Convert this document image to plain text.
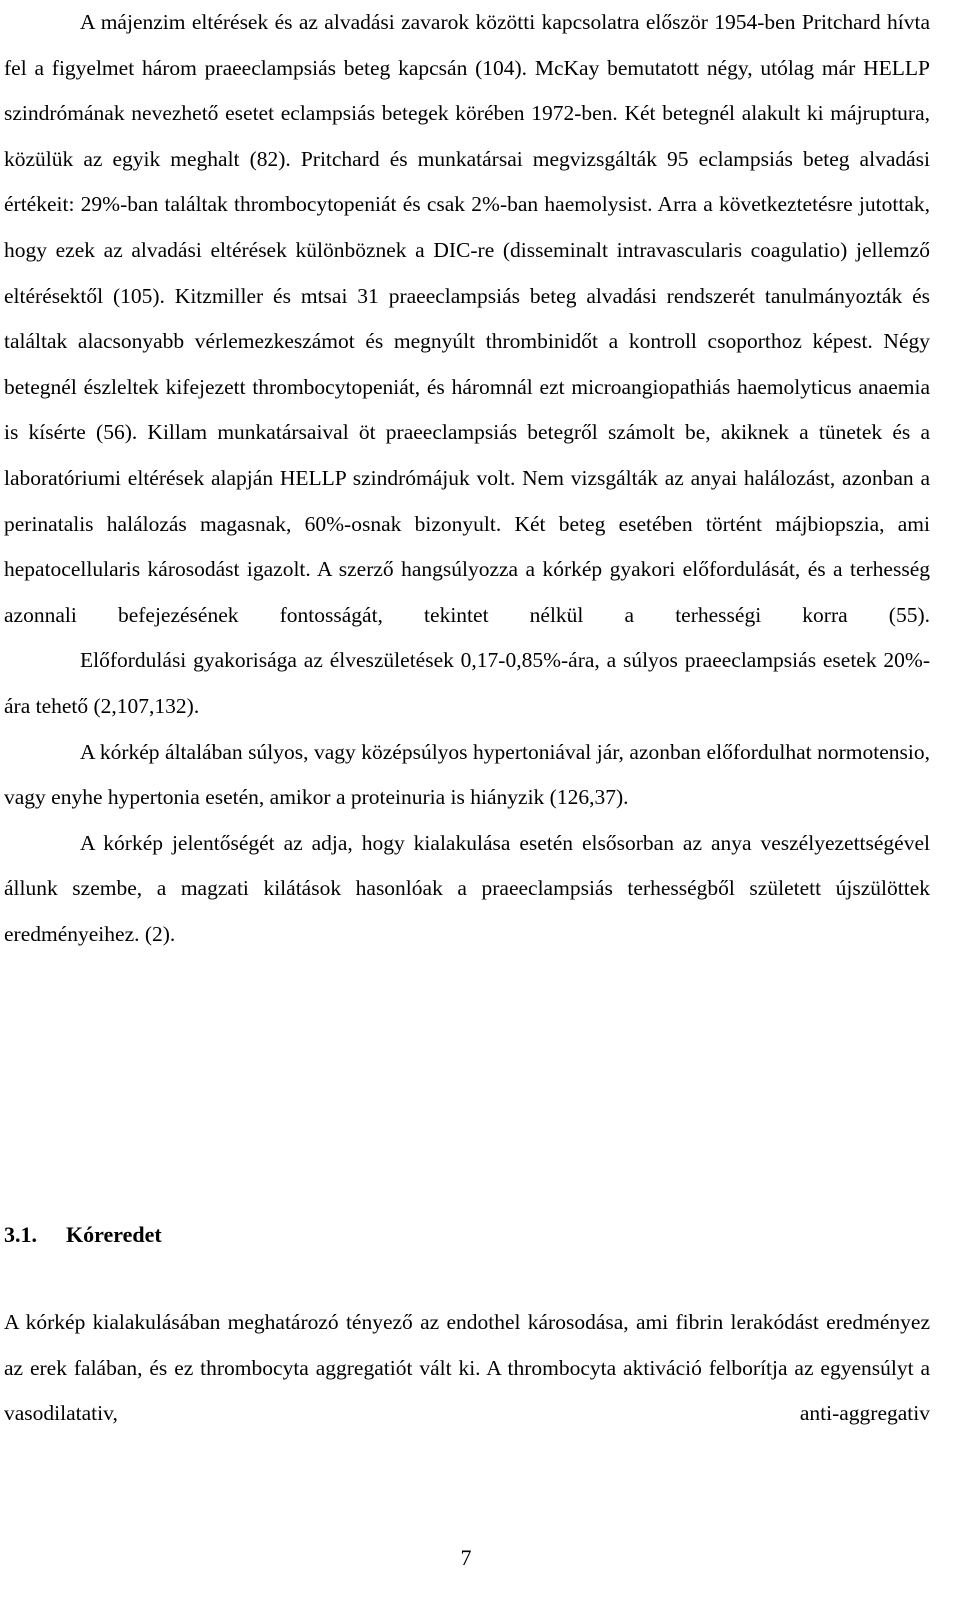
A májenzim eltérések és az alvadási zavarok közötti kapcsolatra először 1954-ben Pritchard hívta fel a figyelmet három praeeclampsiás beteg kapcsán (104). McKay bemutatott négy, utólag már HELLP szindrómának nevezhető esetet eclampsiás betegek körében 1972-ben. Két betegnél alakult ki májruptura, közülük az egyik meghalt (82). Pritchard és munkatársai megvizsgálták 95 eclampsiás beteg alvadási értékeit: 29%-ban találtak thrombocytopeniát és csak 2%-ban haemolysist. Arra a következtetésre jutottak, hogy ezek az alvadási eltérések különböznek a DIC-re (disseminalt intravascularis coagulatio) jellemző eltérésektől (105). Kitzmiller és mtsai 31 praeeclampsiás beteg alvadási rendszerét tanulmányozták és találtak alacsonyabb vérlemezkeszámot és megnyúlt thrombinidőt a kontroll csoporthoz képest. Négy betegnél észleltek kifejezett thrombocytopeniát, és háromnál ezt microangiopathiás haemolyticus anaemia is kísérte (56). Killam munkatársaival öt praeeclampsiás betegről számolt be, akiknek a tünetek és a laboratóriumi eltérések alapján HELLP szindrómájuk volt. Nem vizsgálták az anyai halálozást, azonban a perinatalis halálozás magasnak, 60%-osnak bizonyult. Két beteg esetében történt májbiopszia, ami hepatocellularis károsodást igazolt. A szerző hangsúlyozza a kórkép gyakori előfordulását, és a terhesség azonnali befejezésének fontosságát, tekintet nélkül a terhességi korra (55).

Előfordulási gyakorisága az élveszületések 0,17-0,85%-ára, a súlyos praeeclampsiás esetek 20%-ára tehető (2,107,132).

A kórkép általában súlyos, vagy középsúlyos hypertoniával jár, azonban előfordulhat normotensio, vagy enyhe hypertonia esetén, amikor a proteinuria is hiányzik (126,37).

A kórkép jelentőségét az adja, hogy kialakulása esetén elsősorban az anya veszélyezettségével állunk szembe, a magzati kilátások hasonlóak a praeeclampsiás terhességből született újszülöttek eredményeihez. (2).

3.1. Kóreredet

A kórkép kialakulásában meghatározó tényező az endothel károsodása, ami fibrin lerakódást eredményez az erek falában, és ez thrombocyta aggregatiót vált ki. A thrombocyta aktiváció felborítja az egyensúlyt a vasodilatativ, anti-aggregativ

7
